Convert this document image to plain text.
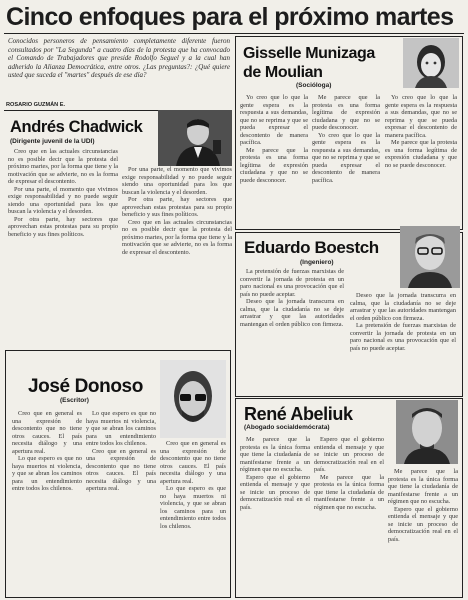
Cinco enfoques para el próximo martes
Conocidos personeros de pensamiento completamente diferente fueron consultados por "La Segunda" a cuatro días de la protesta que ha convocado el Comando de Trabajadores que preside Rodolfo Seguel y a la cual han adherido la Alianza Democrática, entre otros. ¿Las preguntas?: ¿Qué quiere usted que suceda el "martes" después de ese día?
ROSARIO GUZMÁN E.
Andrés Chadwick
(Dirigente juvenil de la UDI)

Creo que en las actuales circunstancias no es posible decir que la protesta del próximo martes, por la forma que tiene y la motivación que se advierte, no es la forma de expresar el descontento.

Por una parte, el momento que vivimos exige responsabilidad y no puede seguir siendo una oportunidad para los que buscan la violencia y el desorden.

Por otra parte, hay sectores que aprovechan estas protestas para su propio beneficio y sus fines políticos.

Por una parte, el momento que vivimos exige responsabilidad y no puede seguir siendo una oportunidad para los que buscan la violencia y el desorden.

Por otra parte, hay sectores que aprovechan estas protestas para su propio beneficio y sus fines políticos.

Creo que en las actuales circunstancias no es posible decir que la protesta del próximo martes, por la forma que tiene y la motivación que se advierte, no es la forma de expresar el descontento.

Gisselle Munizaga de Moulian
(Socióloga)

Yo creo que lo que la gente espera es la respuesta a sus demandas, que no se reprima y que se pueda expresar el descontento de manera pacífica.

Me parece que la protesta es una forma legítima de expresión ciudadana y que no se puede desconocer.

Me parece que la protesta es una forma legítima de expresión ciudadana y que no se puede desconocer.

Yo creo que lo que la gente espera es la respuesta a sus demandas, que no se reprima y que se pueda expresar el descontento de manera pacífica.

Yo creo que lo que la gente espera es la respuesta a sus demandas, que no se reprima y que se pueda expresar el descontento de manera pacífica.

Me parece que la protesta es una forma legítima de expresión ciudadana y que no se puede desconocer.

Eduardo Boestch
(Ingeniero)

La pretensión de fuerzas marxistas de convertir la jornada de protesta en un paro nacional es una provocación que el país no puede aceptar.

Deseo que la jornada transcurra en calma, que la ciudadanía no se deje arrastrar y que las autoridades mantengan el orden público con firmeza.

Deseo que la jornada transcurra en calma, que la ciudadanía no se deje arrastrar y que las autoridades mantengan el orden público con firmeza.

La pretensión de fuerzas marxistas de convertir la jornada de protesta en un paro nacional es una provocación que el país no puede aceptar.

José Donoso
(Escritor)

Creo que en general es una expresión de descontento que no tiene otros cauces. El país necesita diálogo y una apertura real.

Lo que espero es que no haya muertos ni violencia, y que se abran los caminos para un entendimiento entre todos los chilenos.

Lo que espero es que no haya muertos ni violencia, y que se abran los caminos para un entendimiento entre todos los chilenos.

Creo que en general es una expresión de descontento que no tiene otros cauces. El país necesita diálogo y una apertura real.

Creo que en general es una expresión de descontento que no tiene otros cauces. El país necesita diálogo y una apertura real.

Lo que espero es que no haya muertos ni violencia, y que se abran los caminos para un entendimiento entre todos los chilenos.

René Abeliuk
(Abogado socialdemócrata)

Me parece que la protesta es la única forma que tiene la ciudadanía de manifestarse frente a un régimen que no escucha.

Espero que el gobierno entienda el mensaje y que se inicie un proceso de democratización real en el país.

Espero que el gobierno entienda el mensaje y que se inicie un proceso de democratización real en el país.

Me parece que la protesta es la única forma que tiene la ciudadanía de manifestarse frente a un régimen que no escucha.

Me parece que la protesta es la única forma que tiene la ciudadanía de manifestarse frente a un régimen que no escucha.

Espero que el gobierno entienda el mensaje y que se inicie un proceso de democratización real en el país.
